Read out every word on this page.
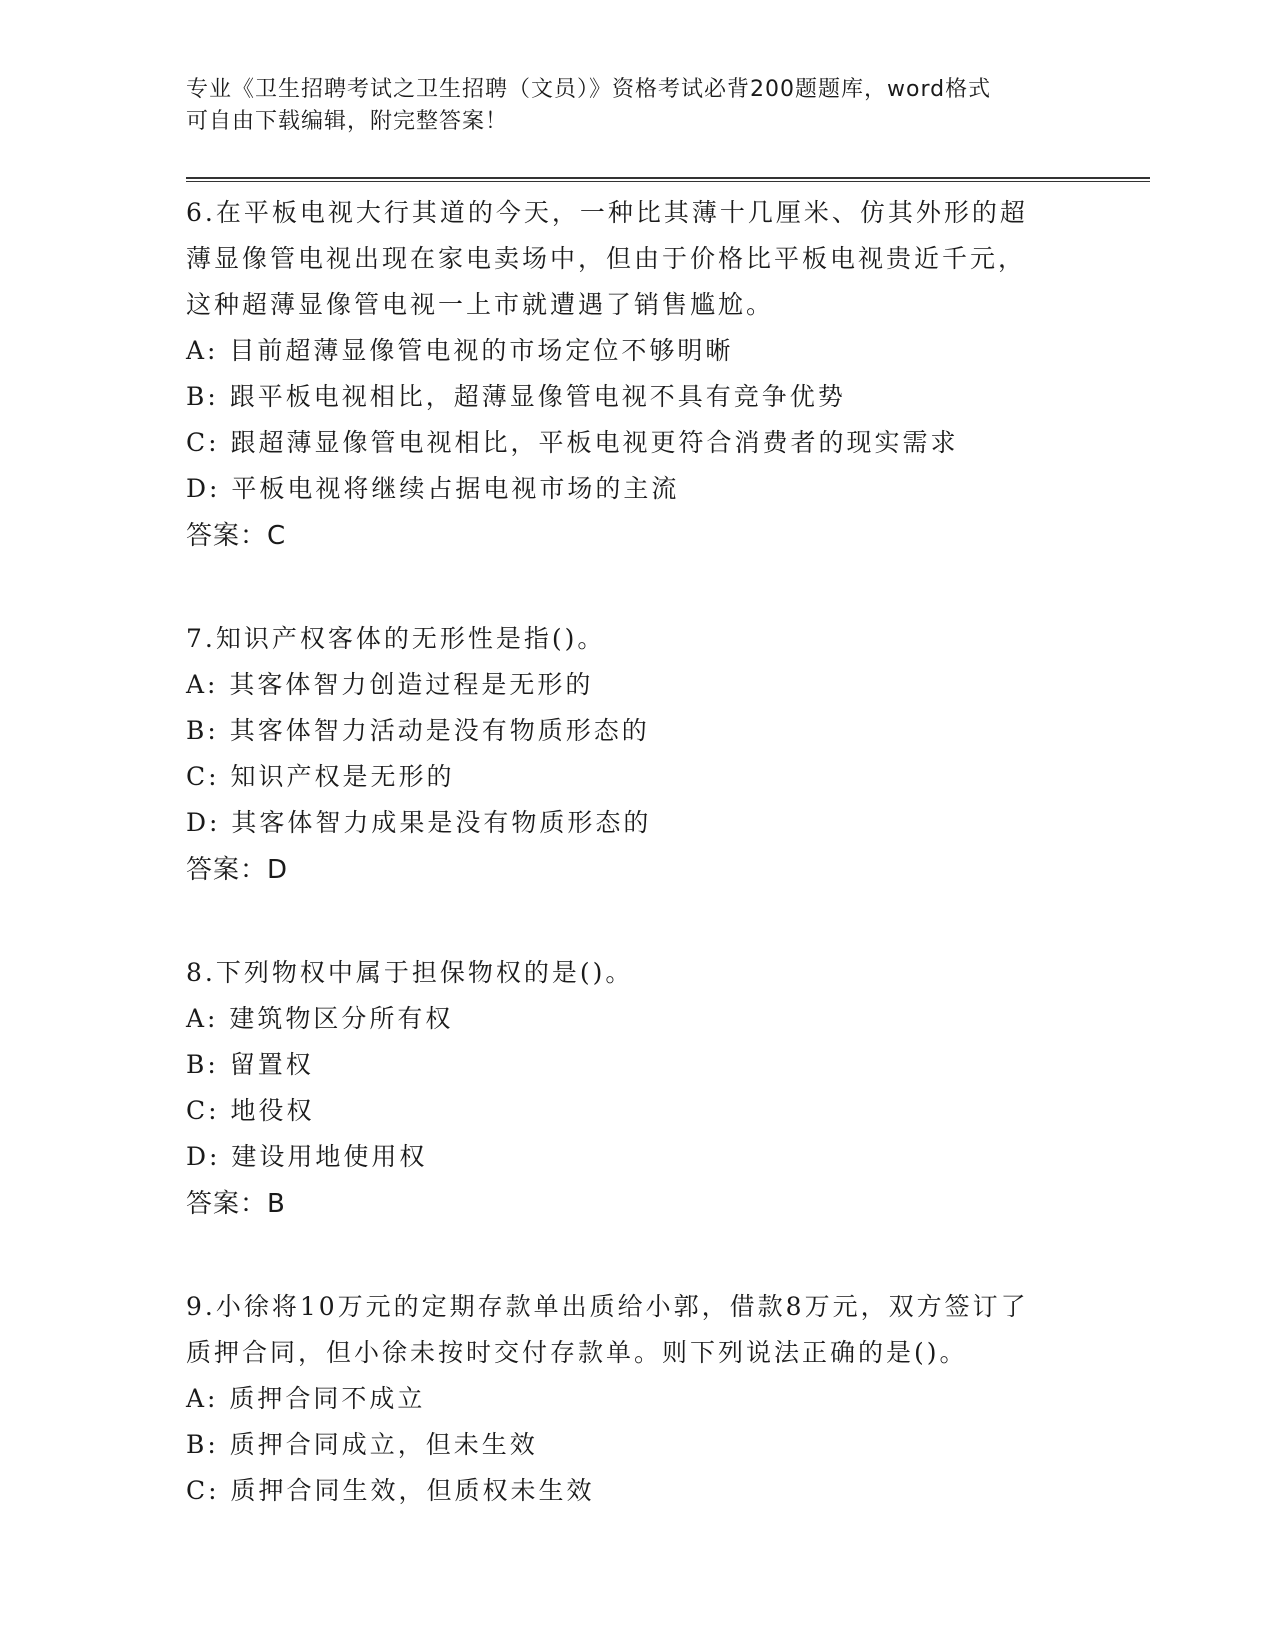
专业《卫生招聘考试之卫生招聘（文员）》资格考试必背200题题库，word格式
可自由下载编辑，附完整答案！

6.在平板电视大行其道的今天，一种比其薄十几厘米、仿其外形的超

薄显像管电视出现在家电卖场中，但由于价格比平板电视贵近千元，

这种超薄显像管电视一上市就遭遇了销售尴尬。

A: 目前超薄显像管电视的市场定位不够明晰

B: 跟平板电视相比，超薄显像管电视不具有竞争优势

C: 跟超薄显像管电视相比，平板电视更符合消费者的现实需求

D: 平板电视将继续占据电视市场的主流

答案：C

7.知识产权客体的无形性是指()。

A: 其客体智力创造过程是无形的

B: 其客体智力活动是没有物质形态的

C: 知识产权是无形的

D: 其客体智力成果是没有物质形态的

答案：D

8.下列物权中属于担保物权的是()。

A: 建筑物区分所有权

B: 留置权

C: 地役权

D: 建设用地使用权

答案：B

9.小徐将10万元的定期存款单出质给小郭，借款8万元，双方签订了

质押合同，但小徐未按时交付存款单。则下列说法正确的是()。

A: 质押合同不成立

B: 质押合同成立，但未生效

C: 质押合同生效，但质权未生效
